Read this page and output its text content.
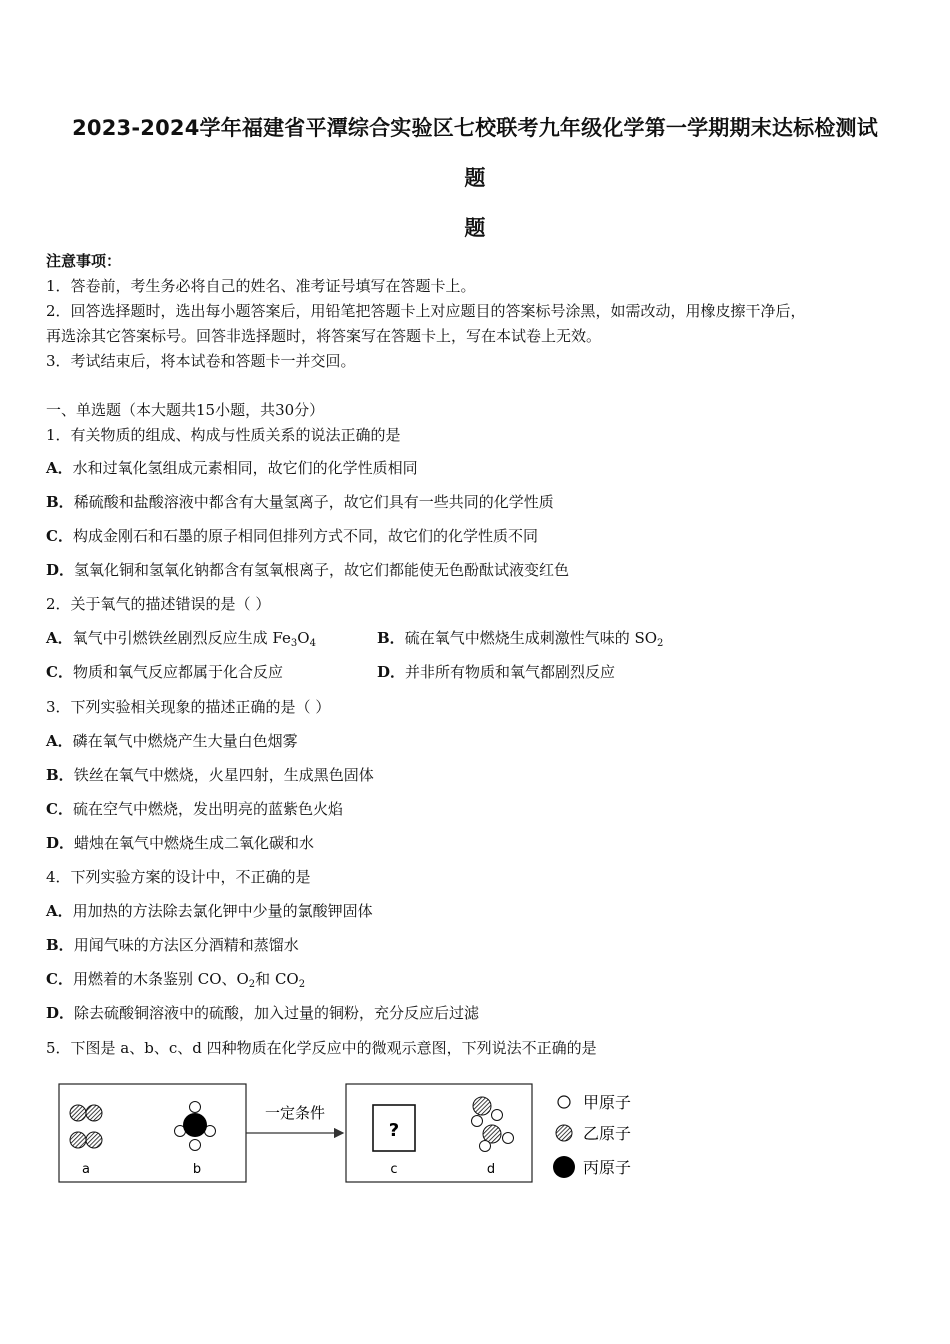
2023-2024学年福建省平潭综合实验区七校联考九年级化学第一学期期末达标检测试
题
题
注意事项：
1．答卷前，考生务必将自己的姓名、准考证号填写在答题卡上。
2．回答选择题时，选出每小题答案后，用铅笔把答题卡上对应题目的答案标号涂黑，如需改动，用橡皮擦干净后，
再选涂其它答案标号。回答非选择题时，将答案写在答题卡上，写在本试卷上无效。
3．考试结束后，将本试卷和答题卡一并交回。
一、单选题（本大题共15小题，共30分）
1．有关物质的组成、构成与性质关系的说法正确的是
A．水和过氧化氢组成元素相同，故它们的化学性质相同
B．稀硫酸和盐酸溶液中都含有大量氢离子，故它们具有一些共同的化学性质
C．构成金刚石和石墨的原子相同但排列方式不同，故它们的化学性质不同
D．氢氧化铜和氢氧化钠都含有氢氧根离子，故它们都能使无色酚酞试液变红色
2．关于氧气的描述错误的是（ ）
A．氧气中引燃铁丝剧烈反应生成 $Fe_3O_4$	B．硫在氧气中燃烧生成刺激性气味的 $SO_2$
C．物质和氧气反应都属于化合反应	D．并非所有物质和氧气都剧烈反应
3．下列实验相关现象的描述正确的是（ ）
A．磷在氧气中燃烧产生大量白色烟雾
B．铁丝在氧气中燃烧，火星四射，生成黑色固体
C．硫在空气中燃烧，发出明亮的蓝紫色火焰
D．蜡烛在氧气中燃烧生成二氧化碳和水
4．下列实验方案的设计中，不正确的是
A．用加热的方法除去氯化钾中少量的氯酸钾固体
B．用闻气味的方法区分酒精和蒸馏水
C．用燃着的木条鉴别 CO、$O_2$和 $CO_2$
D．除去硫酸铜溶液中的硫酸，加入过量的铜粉，充分反应后过滤
5．下图是 a、b、c、d 四种物质在化学反应中的微观示意图，下列说法不正确的是
a	b
一定条件
?
c	d
甲原子
乙原子
丙原子
